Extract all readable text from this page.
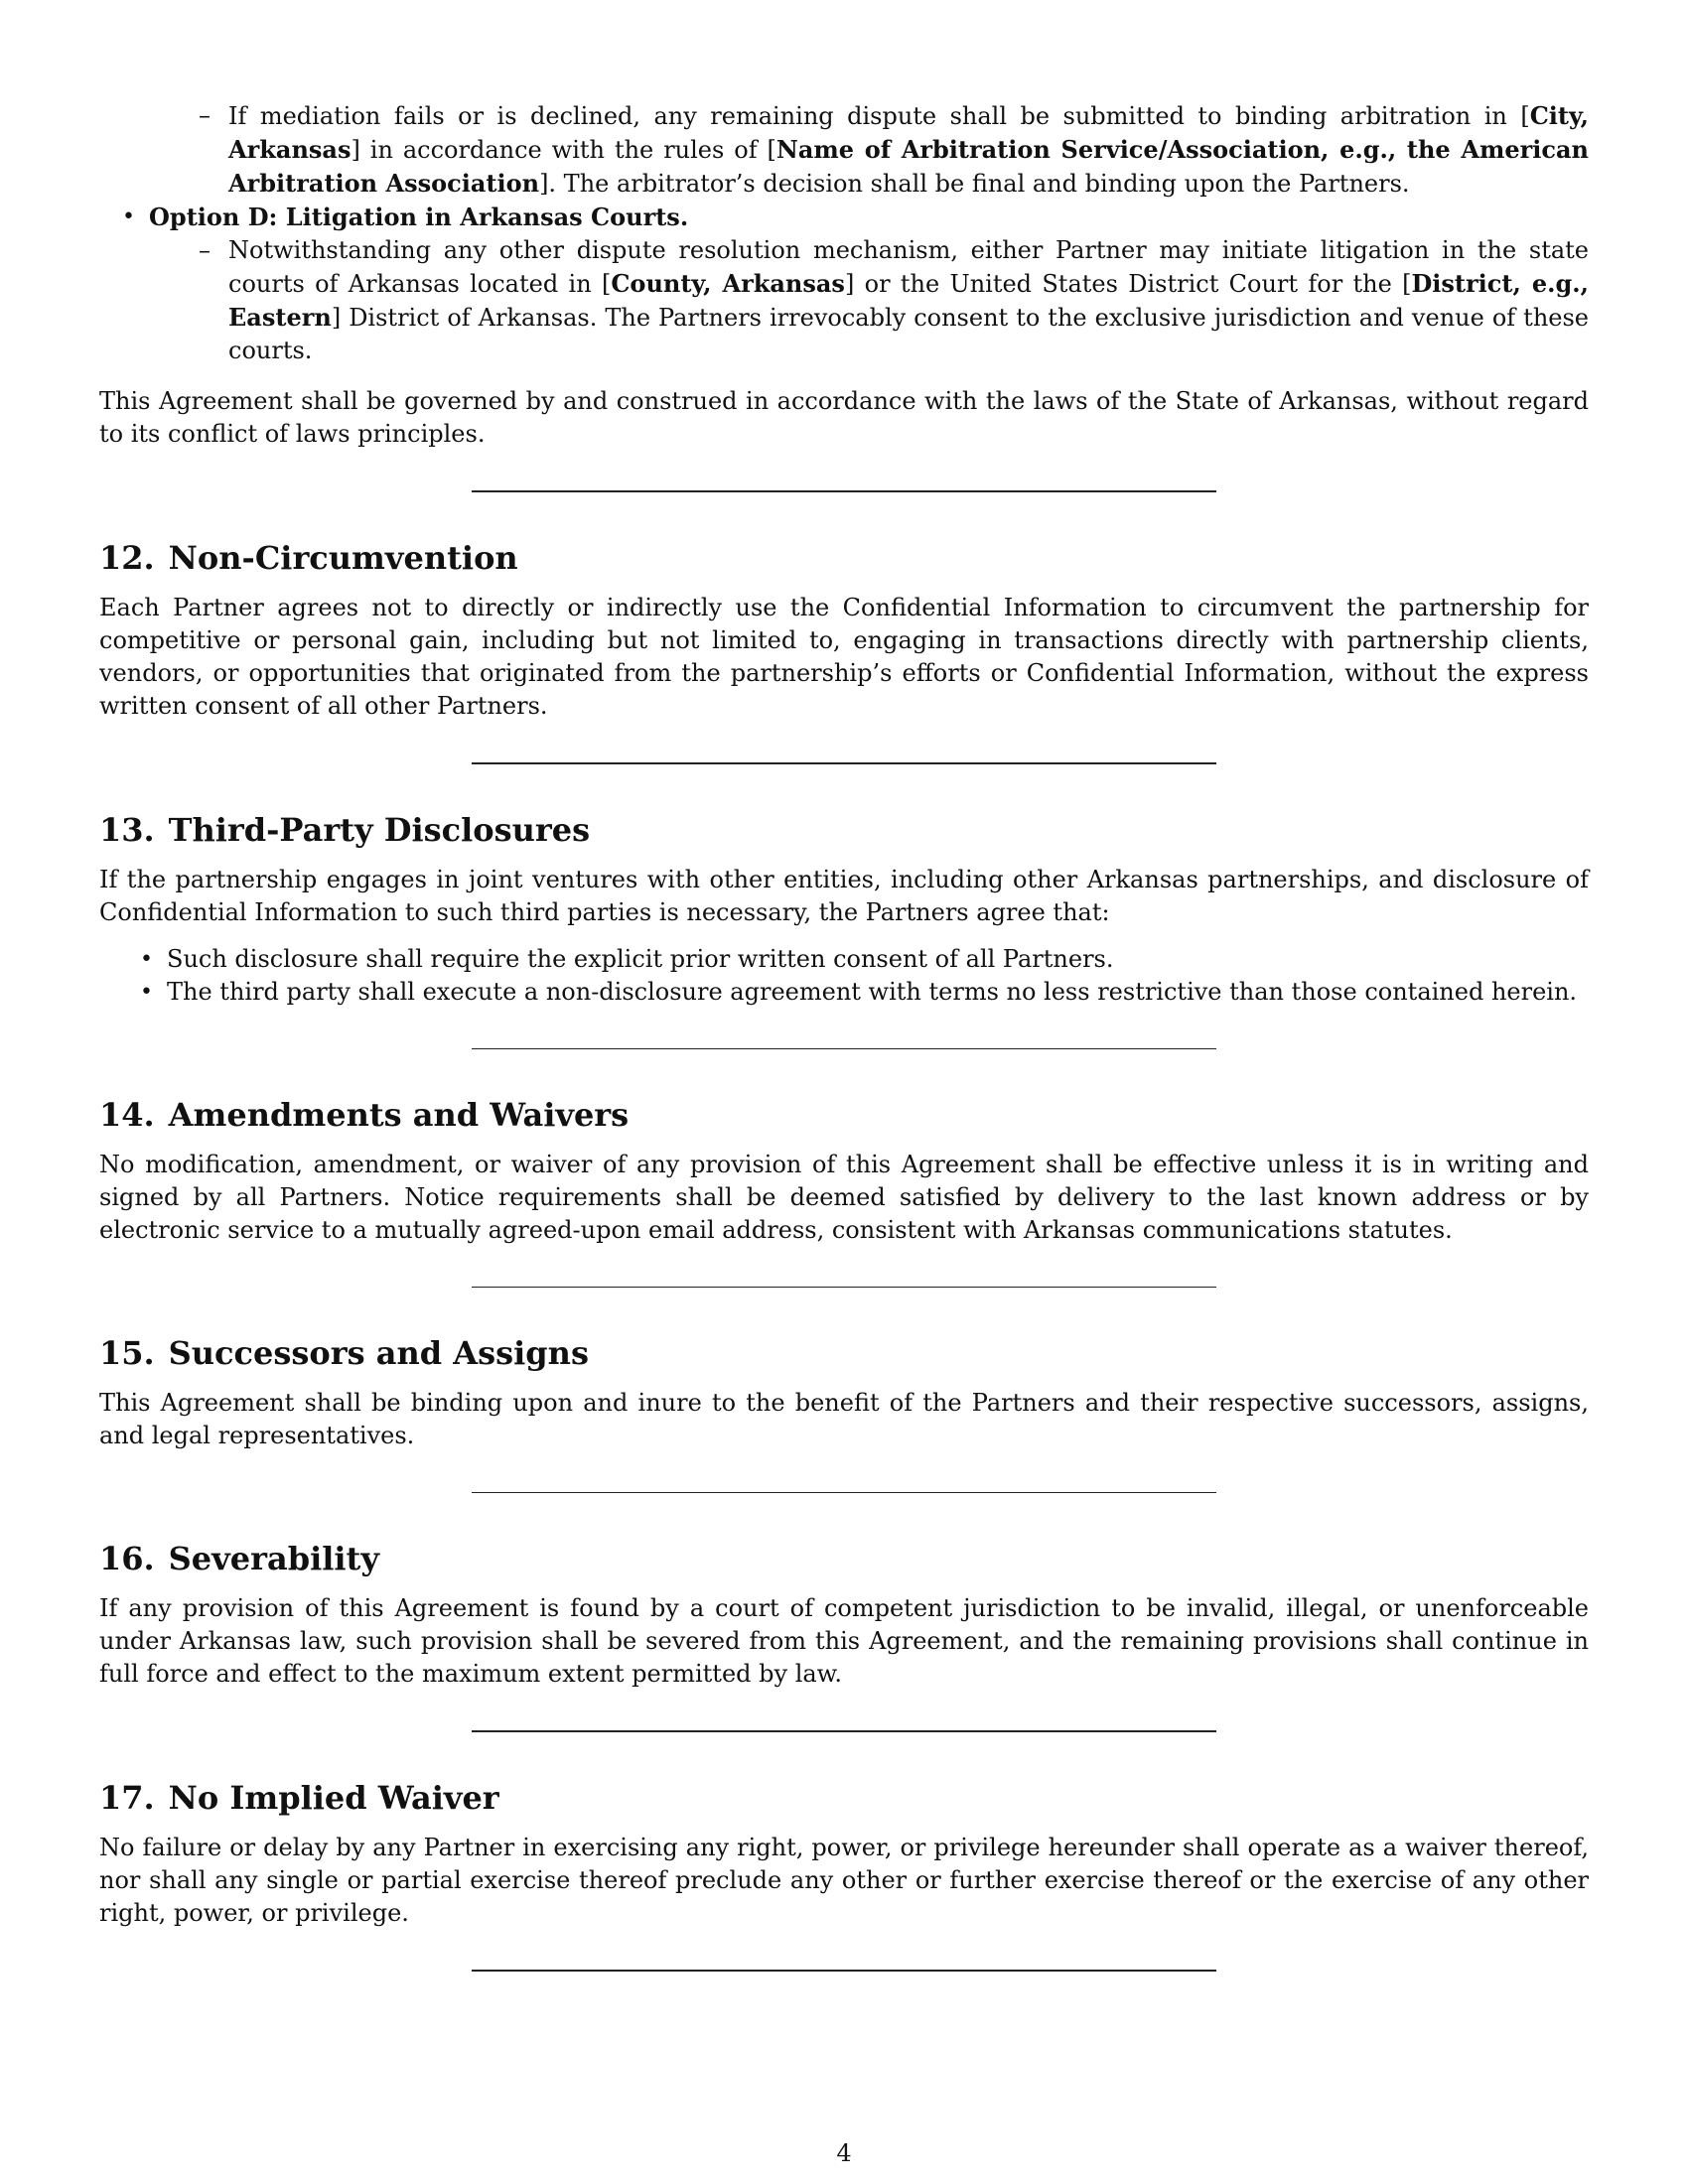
– If mediation fails or is declined, any remaining dispute shall be submitted to binding arbitration in [City, Arkansas] in accordance with the rules of [Name of Arbitration Service/Association, e.g., the American Arbitration Association]. The arbitrator’s decision shall be final and binding upon the Partners.
• Option D: Litigation in Arkansas Courts.
– Notwithstanding any other dispute resolution mechanism, either Partner may initiate litigation in the state courts of Arkansas located in [County, Arkansas] or the United States District Court for the [District, e.g., Eastern] District of Arkansas. The Partners irrevocably consent to the exclusive jurisdiction and venue of these courts.

This Agreement shall be governed by and construed in accordance with the laws of the State of Arkansas, without regard to its conflict of laws principles.

12. Non-Circumvention

Each Partner agrees not to directly or indirectly use the Confidential Information to circumvent the partnership for competitive or personal gain, including but not limited to, engaging in transactions directly with partnership clients, vendors, or opportunities that originated from the partnership’s efforts or Confidential Information, without the express written consent of all other Partners.

13. Third-Party Disclosures

If the partnership engages in joint ventures with other entities, including other Arkansas partnerships, and disclosure of Confidential Information to such third parties is necessary, the Partners agree that:

• Such disclosure shall require the explicit prior written consent of all Partners.
• The third party shall execute a non-disclosure agreement with terms no less restrictive than those contained herein.
14. Amendments and Waivers

No modification, amendment, or waiver of any provision of this Agreement shall be effective unless it is in writing and signed by all Partners. Notice requirements shall be deemed satisfied by delivery to the last known address or by electronic service to a mutually agreed-upon email address, consistent with Arkansas communications statutes.

15. Successors and Assigns

This Agreement shall be binding upon and inure to the benefit of the Partners and their respective successors, assigns, and legal representatives.

16. Severability

If any provision of this Agreement is found by a court of competent jurisdiction to be invalid, illegal, or unenforceable under Arkansas law, such provision shall be severed from this Agreement, and the remaining provisions shall continue in full force and effect to the maximum extent permitted by law.

17. No Implied Waiver

No failure or delay by any Partner in exercising any right, power, or privilege hereunder shall operate as a waiver thereof, nor shall any single or partial exercise thereof preclude any other or further exercise thereof or the exercise of any other right, power, or privilege.

4
